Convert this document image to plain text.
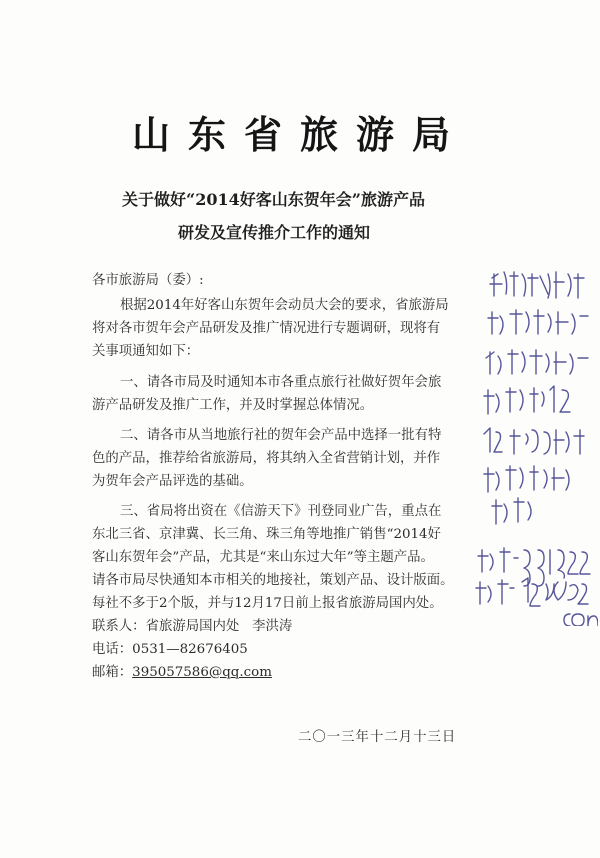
山东省旅游局
关于做好“2014好客山东贺年会”旅游产品
研发及宣传推介工作的通知
各市旅游局（委）:
根据2014年好客山东贺年会动员大会的要求，省旅游局
将对各市贺年会产品研发及推广情况进行专题调研，现将有
关事项通知如下：
一、请各市局及时通知本市各重点旅行社做好贺年会旅
游产品研发及推广工作，并及时掌握总体情况。
二、请各市从当地旅行社的贺年会产品中选择一批有特
色的产品，推荐给省旅游局，将其纳入全省营销计划，并作
为贺年会产品评选的基础。
三、省局将出资在《信游天下》刊登同业广告，重点在
东北三省、京津冀、长三角、珠三角等地推广销售“2014好
客山东贺年会”产品，尤其是“来山东过大年”等主题产品。
请各市局尽快通知本市相关的地接社，策划产品、设计版面。
每社不多于2个版，并与12月17日前上报省旅游局国内处。
联系人：省旅游局国内处   李洪涛
电话：0531—82676405
邮箱：395057586@qq.com
二〇一三年十二月十三日
